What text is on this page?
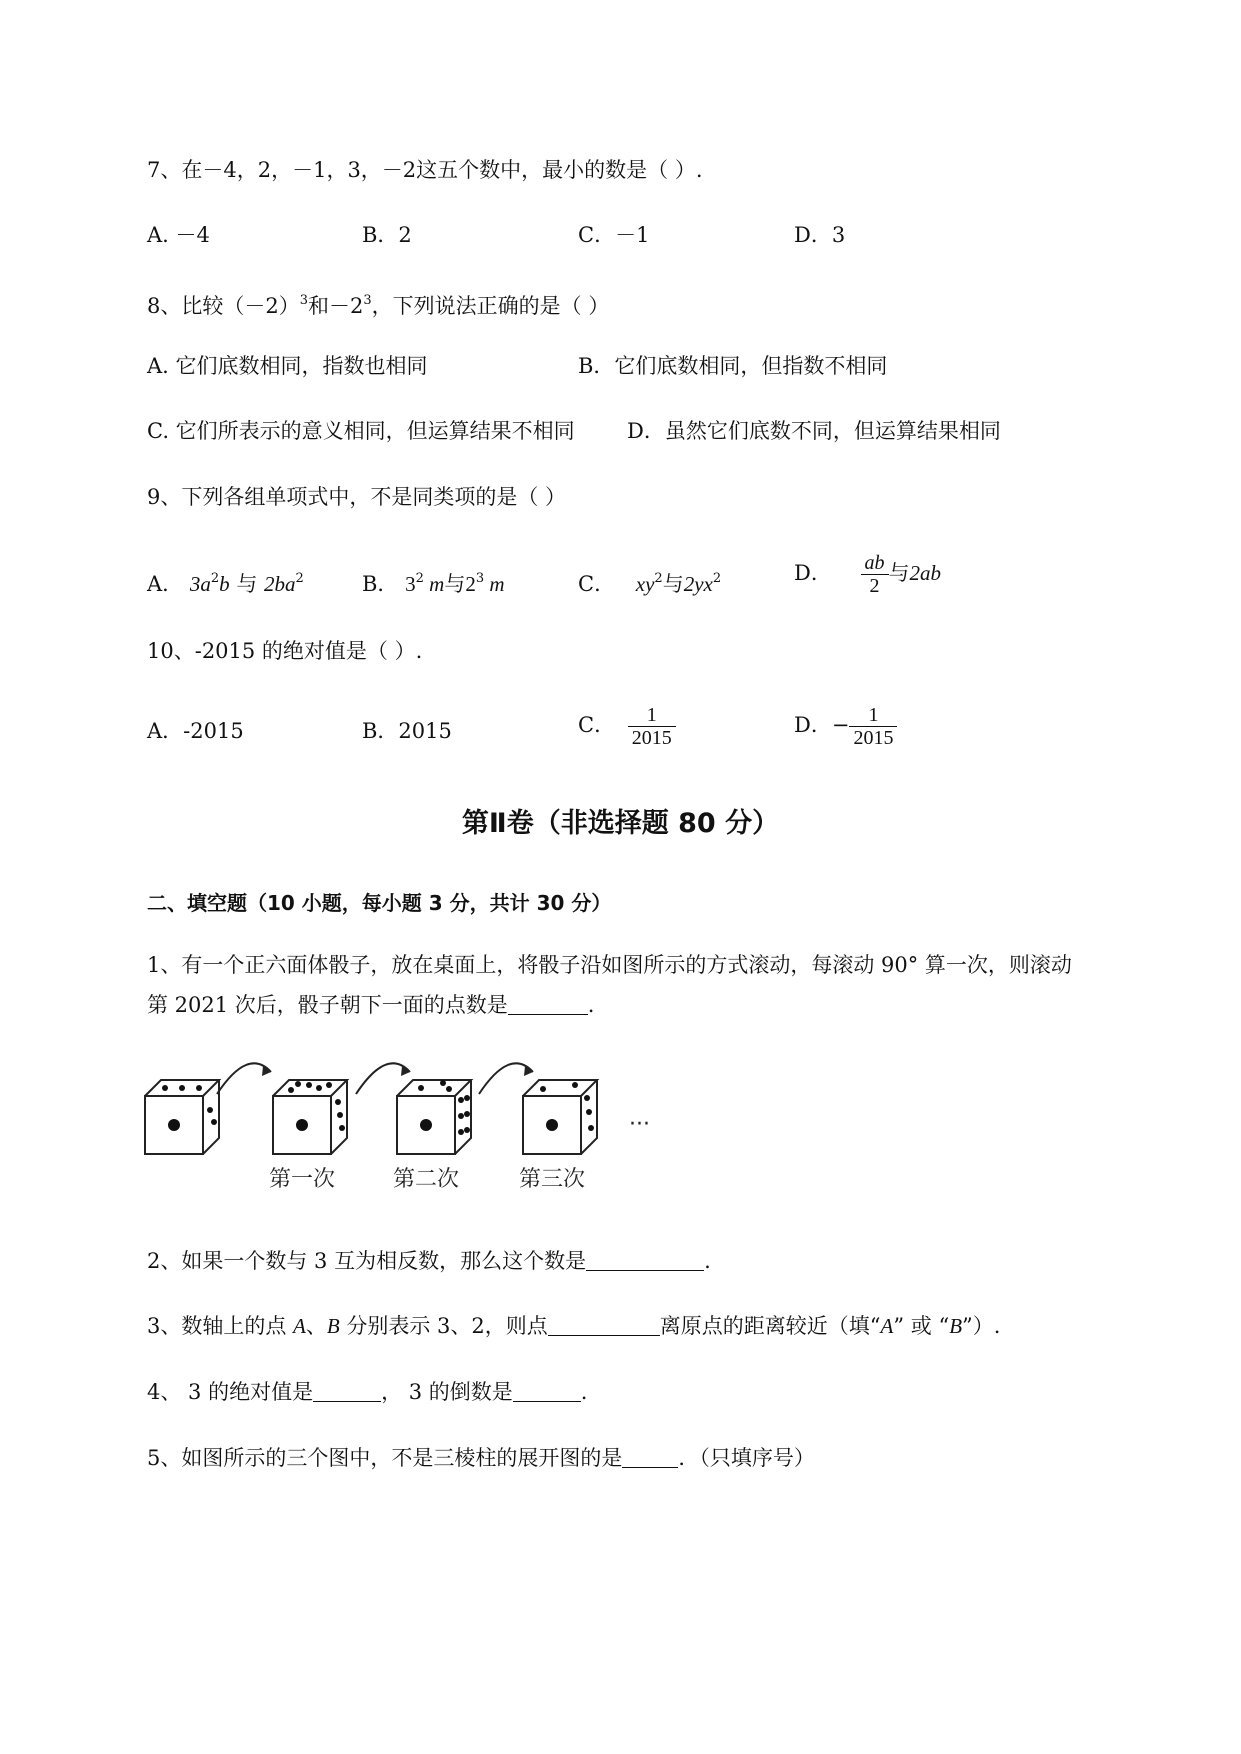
7、在－4，2，－1，3，－2这五个数中，最小的数是（ ）.
A. －4	B．2	C．－1	D．3
8、比较$(-2)^3$和$-2^3$，下列说法正确的是（ ）
A. 它们底数相同，指数也相同	B．它们底数相同，但指数不相同
C. 它们所表示的意义相同，但运算结果不相同 D．虽然它们底数不同，但运算结果相同
9、下列各组单项式中，不是同类项的是（ ）
A． $3a^2b$ 与 $2ba^2$	B． $3^2$ m与$2^3$ m	C． $xy^2$与$2yx^2$	D． $\frac{ab}{2}$ 与2ab
10、-2015 的绝对值是（ ）.
A．-2015	B．2015	C． $\frac{1}{2015}$	D．− $\frac{1}{2015}$
第Ⅱ卷（非选择题 80 分）
二、填空题（10 小题，每小题 3 分，共计 30 分）
1、有一个正六面体骰子，放在桌面上，将骰子沿如图所示的方式滚动，每滚动 90° 算一次，则滚动
第 2021 次后，骰子朝下一面的点数是	.
第一次	第二次	第三次
···
2、如果一个数与 3 互为相反数，那么这个数是	.
3、数轴上的点 A、B 分别表示 3、2，则点	离原点的距离较近（填“A” 或 “B”）.
4、 3 的绝对值是	， 3 的倒数是	.
5、如图所示的三个图中，不是三棱柱的展开图的是	．（只填序号）
